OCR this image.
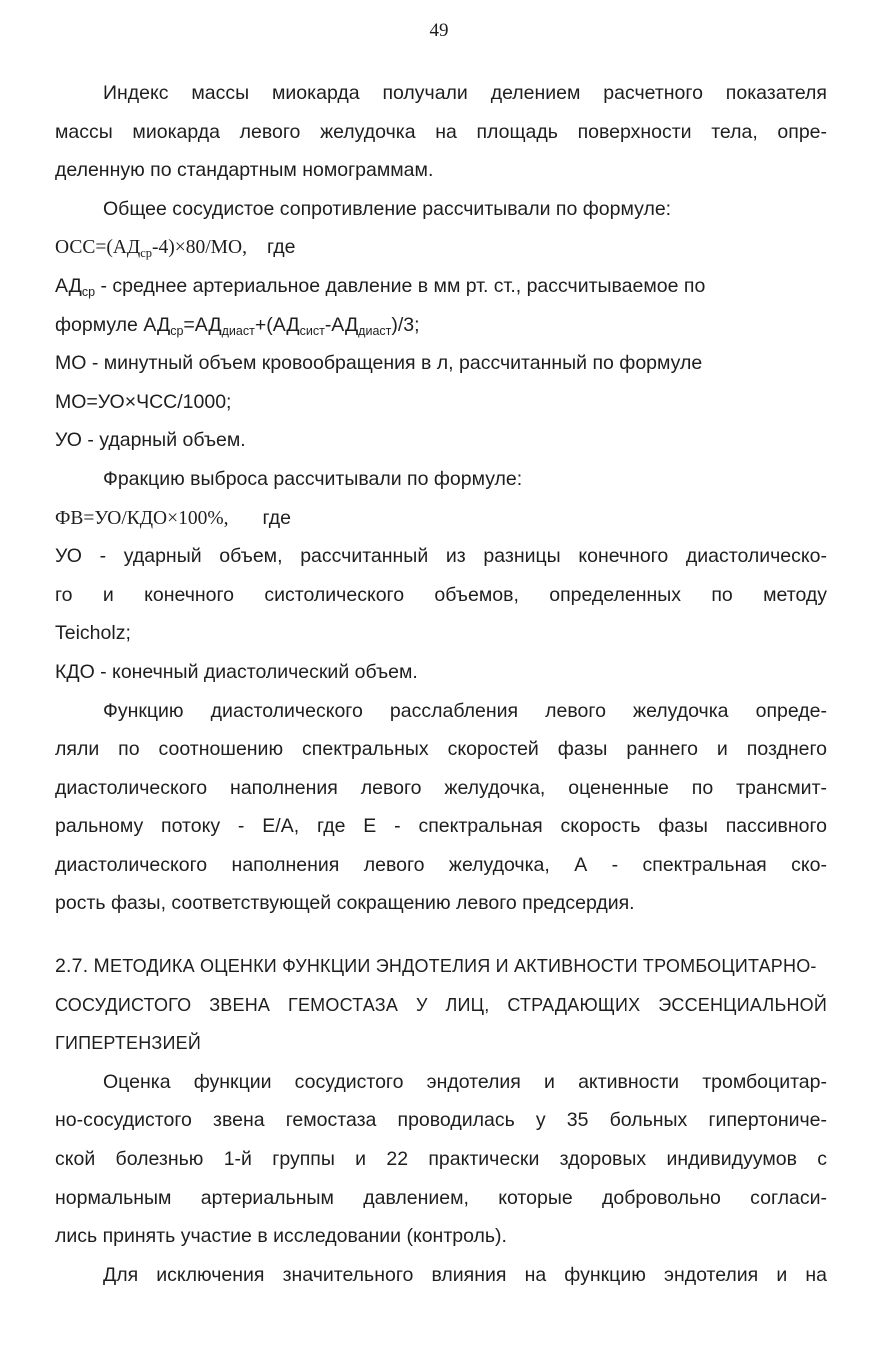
49
Индекс массы миокарда получали делением расчетного показателя
массы миокарда левого желудочка на площадь поверхности тела, опре-
деленную по стандартным номограммам.
Общее сосудистое сопротивление рассчитывали по формуле:
$ОСС=(АД_{ср}-4)\times 80/МО$, где
$АД_{ср}$ - среднее артериальное давление в мм рт. ст., рассчитываемое по
формуле $АД_{ср}=АД_{диаст}+(АД_{сист}-АД_{диаст})/3$;
МО - минутный объем кровообращения в л, рассчитанный по формуле
МО=УО×ЧСС/1000;
УО - ударный объем.
Фракцию выброса рассчитывали по формуле:
ФВ=УО/КДО×100%, где
УО - ударный объем, рассчитанный из разницы конечного диастолическо-
го и конечного систолического объемов, определенных по методу
Teicholz;
КДО - конечный диастолический объем.
Функцию диастолического расслабления левого желудочка опреде-
ляли по соотношению спектральных скоростей фазы раннего и позднего
диастолического наполнения левого желудочка, оцененные по трансмит-
ральному потоку - Е/А, где Е - спектральная скорость фазы пассивного
диастолического наполнения левого желудочка, А - спектральная ско-
рость фазы, соответствующей сокращению левого предсердия.
2.7. МЕТОДИКА ОЦЕНКИ ФУНКЦИИ ЭНДОТЕЛИЯ И АКТИВНОСТИ ТРОМБОЦИТАРНО-
СОСУДИСТОГО ЗВЕНА ГЕМОСТАЗА У ЛИЦ, СТРАДАЮЩИХ ЭССЕНЦИАЛЬНОЙ
ГИПЕРТЕНЗИЕЙ
Оценка функции сосудистого эндотелия и активности тромбоцитар-
но-сосудистого звена гемостаза проводилась у 35 больных гипертониче-
ской болезнью 1-й группы и 22 практически здоровых индивидуумов с
нормальным артериальным давлением, которые добровольно согласи-
лись принять участие в исследовании (контроль).
Для исключения значительного влияния на функцию эндотелия и на
